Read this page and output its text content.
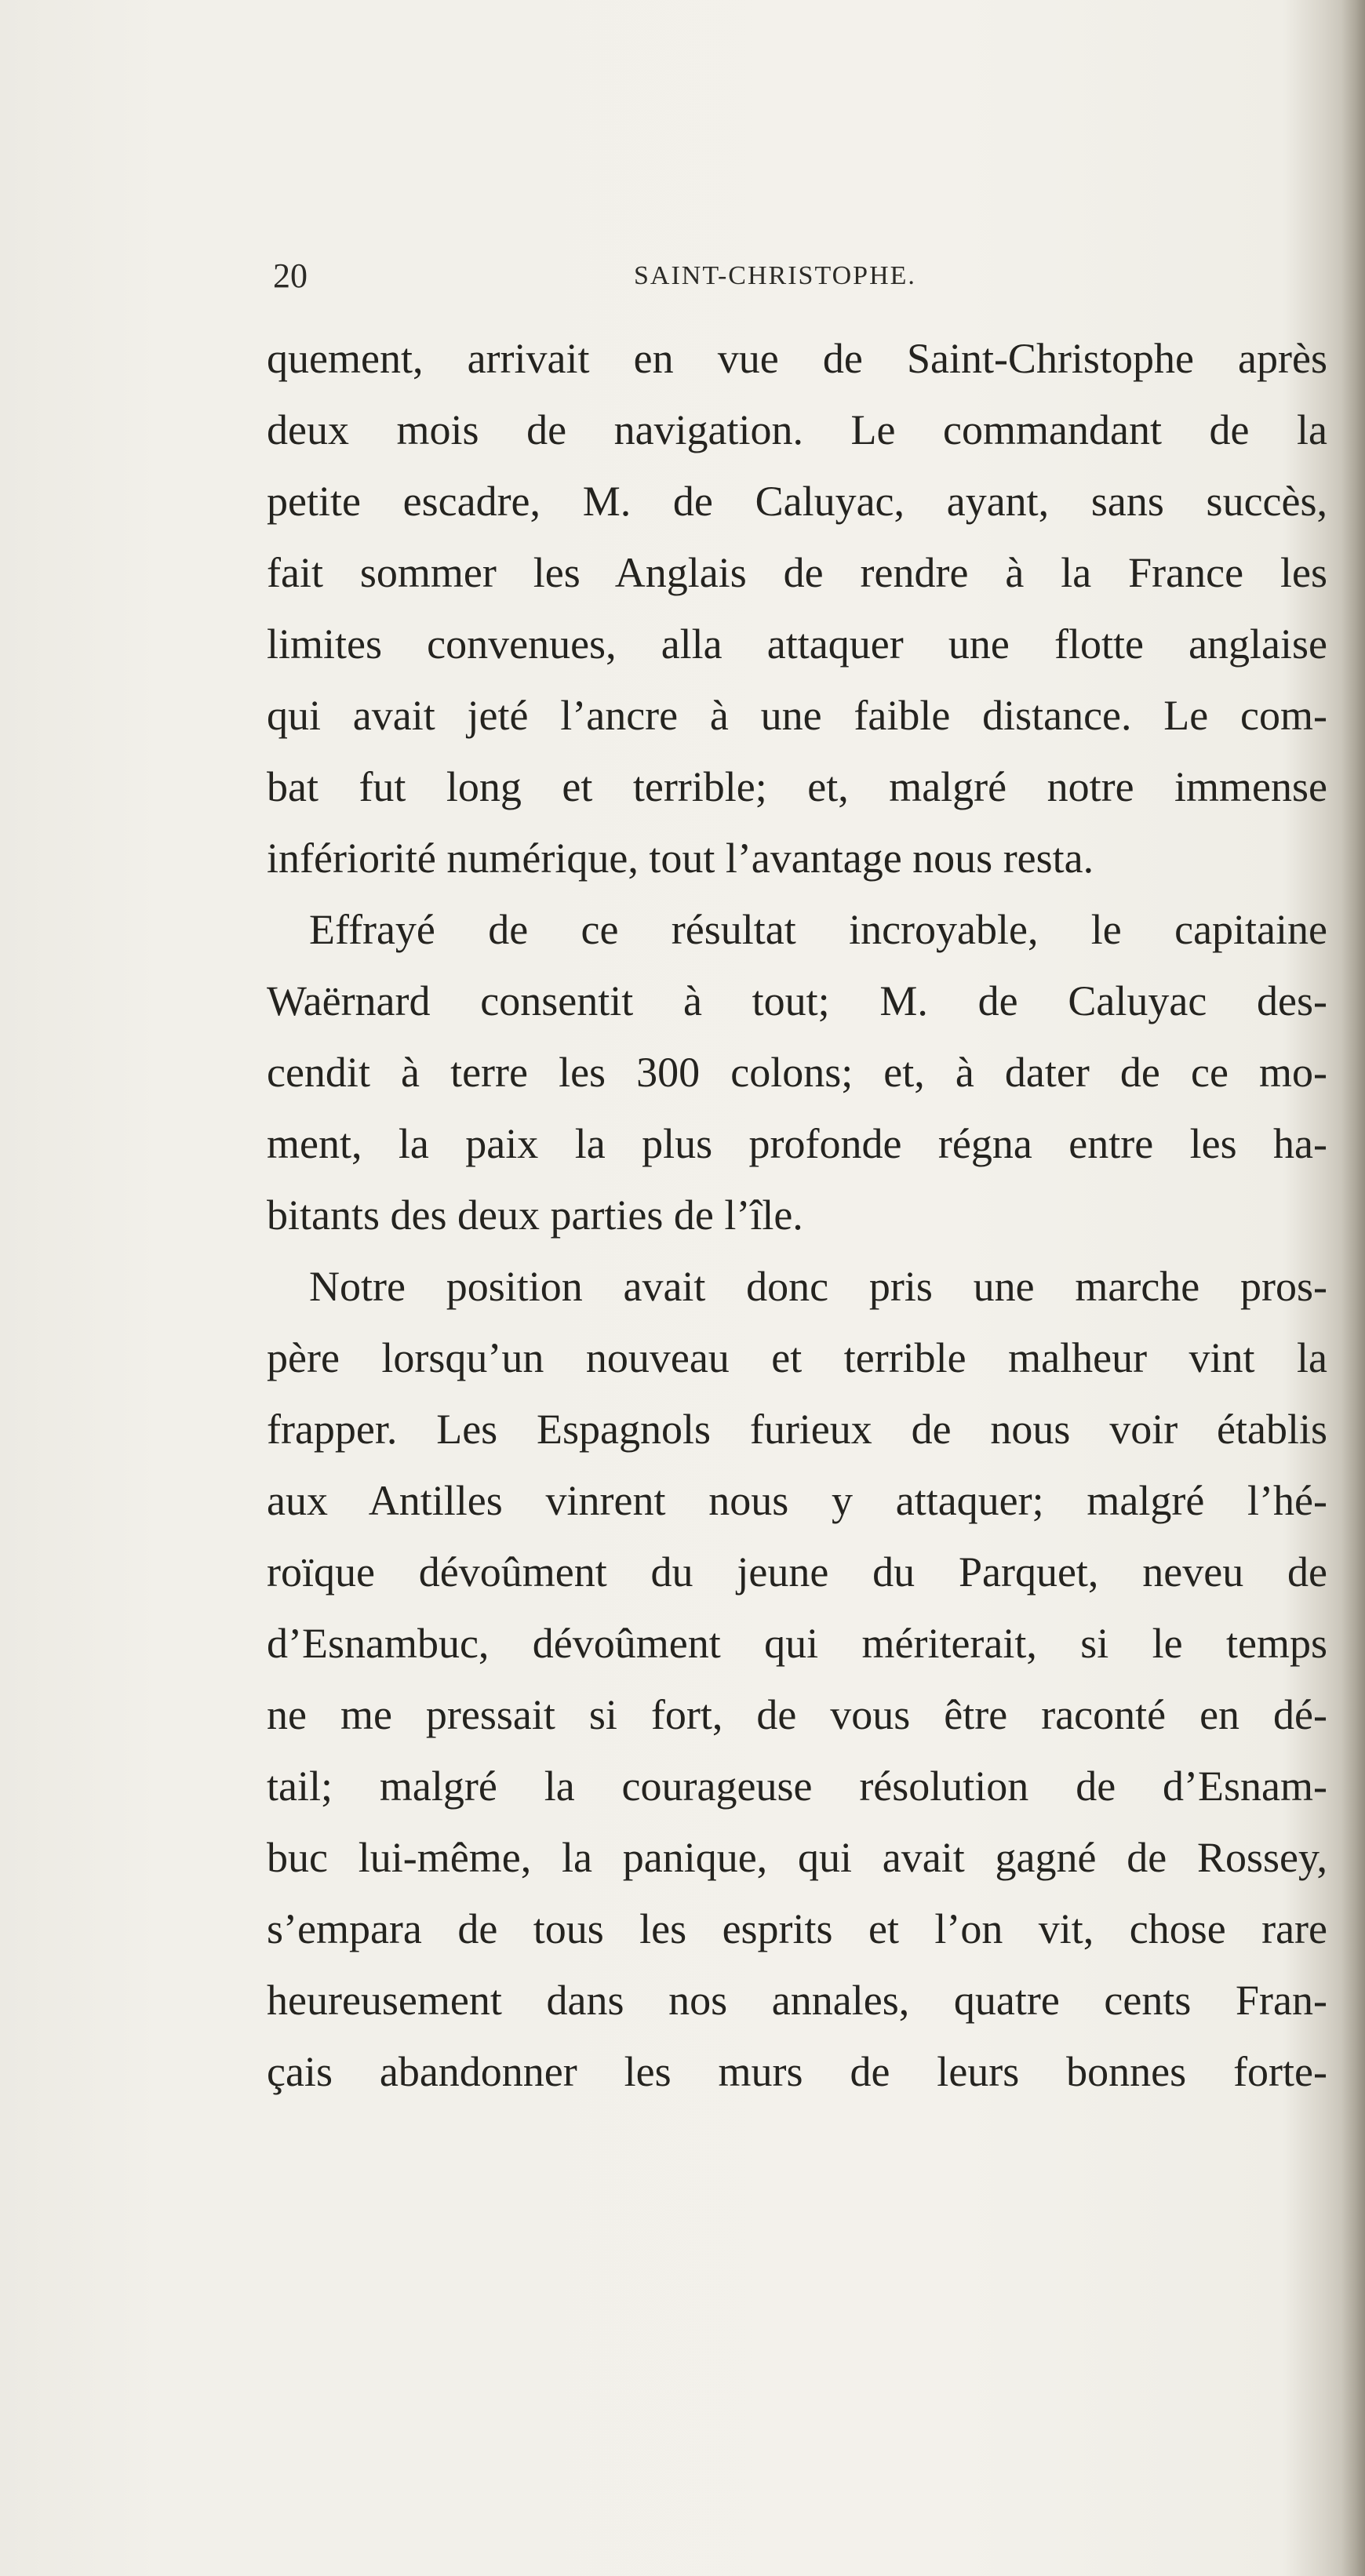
20	SAINT-CHRISTOPHE.
quement, arrivait en vue de Saint-Christophe après
deux mois de navigation. Le commandant de la
petite escadre, M. de Caluyac, ayant, sans succès,
fait sommer les Anglais de rendre à la France les
limites convenues, alla attaquer une flotte anglaise
qui avait jeté l’ancre à une faible distance. Le com-
bat fut long et terrible; et, malgré notre immense
infériorité numérique, tout l’avantage nous resta.
Effrayé de ce résultat incroyable, le capitaine
Waërnard consentit à tout; M. de Caluyac des-
cendit à terre les 300 colons; et, à dater de ce mo-
ment, la paix la plus profonde régna entre les ha-
bitants des deux parties de l’île.
Notre position avait donc pris une marche pros-
père lorsqu’un nouveau et terrible malheur vint la
frapper. Les Espagnols furieux de nous voir établis
aux Antilles vinrent nous y attaquer; malgré l’hé-
roïque dévoûment du jeune du Parquet, neveu de
d’Esnambuc, dévoûment qui mériterait, si le temps
ne me pressait si fort, de vous être raconté en dé-
tail; malgré la courageuse résolution de d’Esnam-
buc lui-même, la panique, qui avait gagné de Rossey,
s’empara de tous les esprits et l’on vit, chose rare
heureusement dans nos annales, quatre cents Fran-
çais abandonner les murs de leurs bonnes forte-
